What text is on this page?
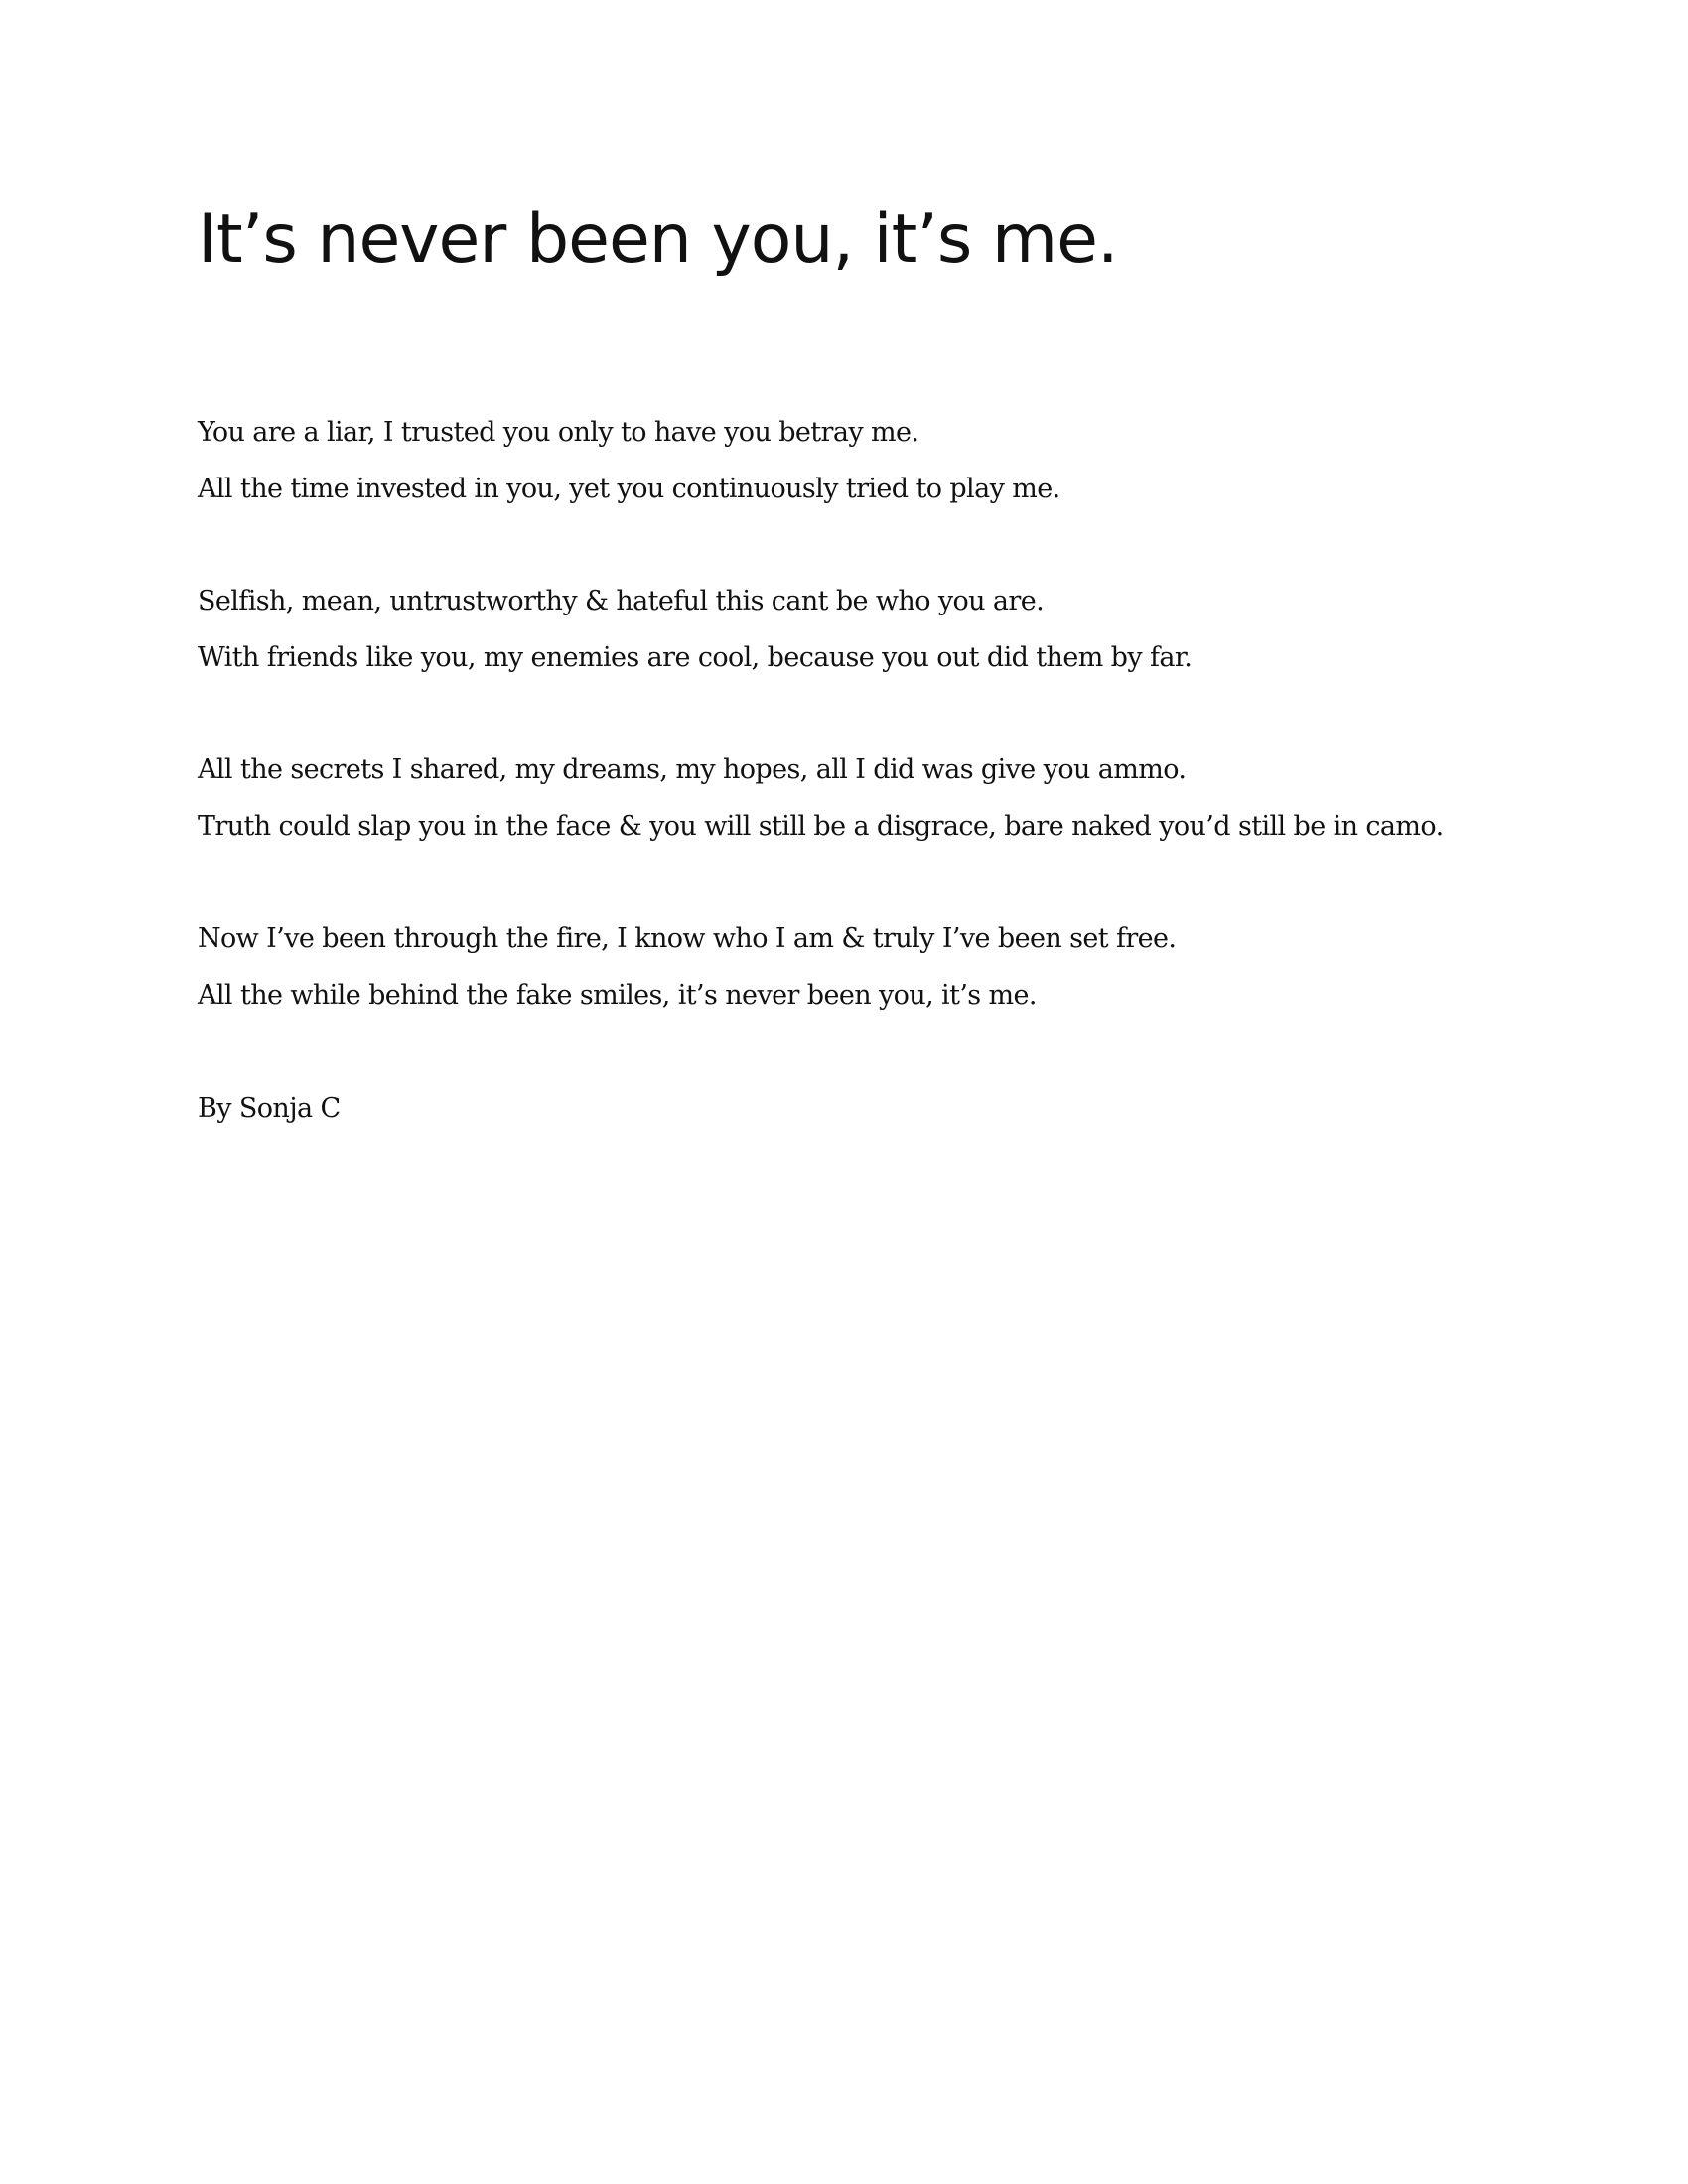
It’s never been you, it’s me.
You are a liar, I trusted you only to have you betray me.
All the time invested in you, yet you continuously tried to play me.
Selfish, mean, untrustworthy & hateful this cant be who you are.
With friends like you, my enemies are cool, because you out did them by far.
All the secrets I shared, my dreams, my hopes, all I did was give you ammo.
Truth could slap you in the face & you will still be a disgrace, bare naked you’d still be in camo.
Now I’ve been through the fire, I know who I am & truly I’ve been set free.
All the while behind the fake smiles, it’s never been you, it’s me.
By Sonja C
